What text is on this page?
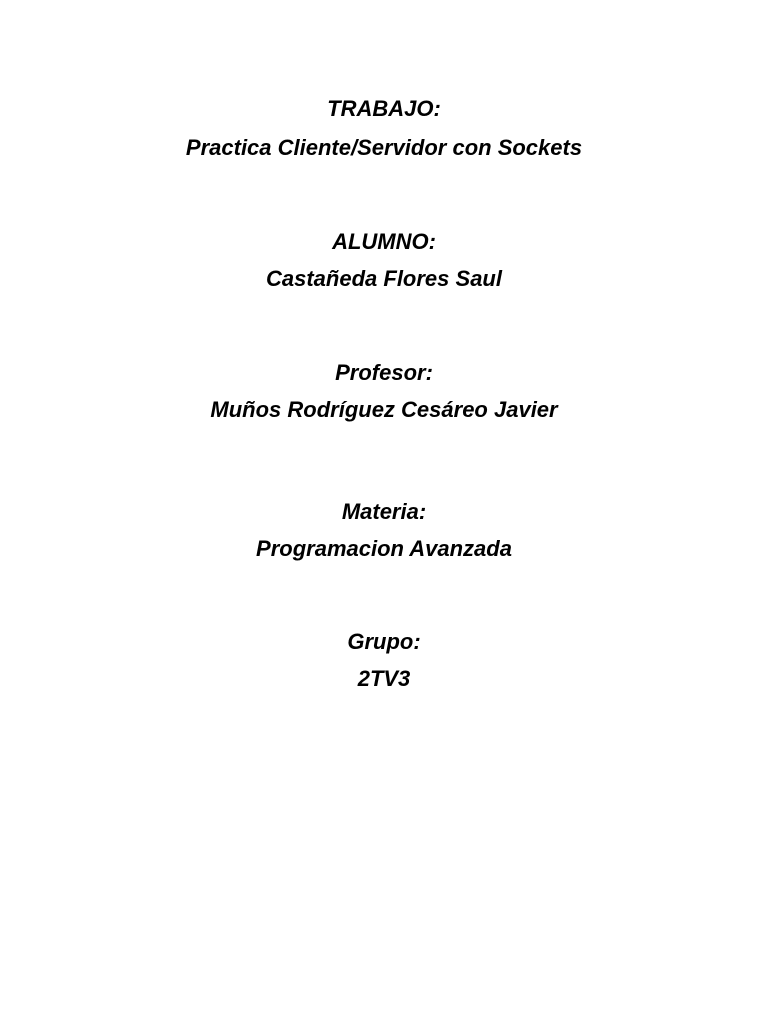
TRABAJO:
Practica Cliente/Servidor con Sockets
ALUMNO:
Castañeda Flores Saul
Profesor:
Muños Rodríguez Cesáreo Javier
Materia:
Programacion Avanzada
Grupo:
2TV3
